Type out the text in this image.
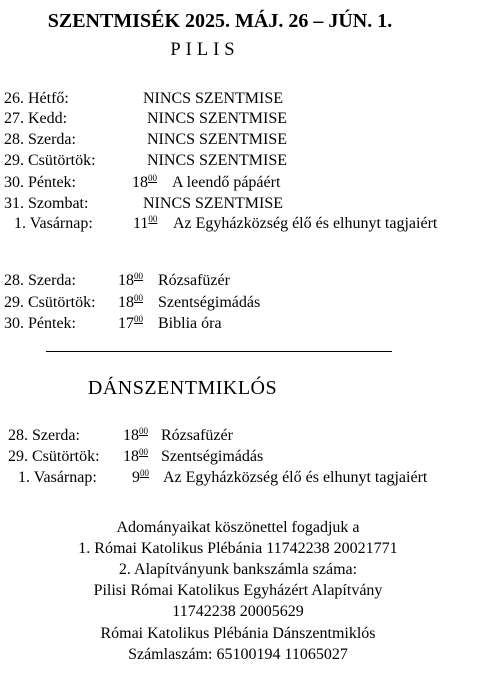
SZENTMISÉK 2025. MÁJ. 26 – JÚN. 1.
PILIS
26. Hétfő:	NINCS SZENTMISE
27. Kedd:	NINCS SZENTMISE
28. Szerda:	NINCS SZENTMISE
29. Csütörtök:	NINCS SZENTMISE
30. Péntek:	$18^{00}$ A leendő pápáért
31. Szombat:	NINCS SZENTMISE
1. Vasárnap:	$11^{00}$ Az Egyházközség élő és elhunyt tagjaiért
28. Szerda:	$18^{00}$ Rózsafüzér
29. Csütörtök: $18^{00}$ Szentségimádás
30. Péntek:	$17^{00}$ Biblia óra
DÁNSZENTMIKLÓS
28. Szerda:	$18^{00}$ Rózsafüzér
29. Csütörtök: $18^{00}$ Szentségimádás
1. Vasárnap: $9^{00}$ Az Egyházközség élő és elhunyt tagjaiért
Adományaikat köszönettel fogadjuk a
1. Római Katolikus Plébánia 11742238 20021771
2. Alapítványunk bankszámla száma:
Pilisi Római Katolikus Egyházért Alapítvány
11742238 20005629
Római Katolikus Plébánia Dánszentmiklós
Számlaszám: 65100194 11065027
